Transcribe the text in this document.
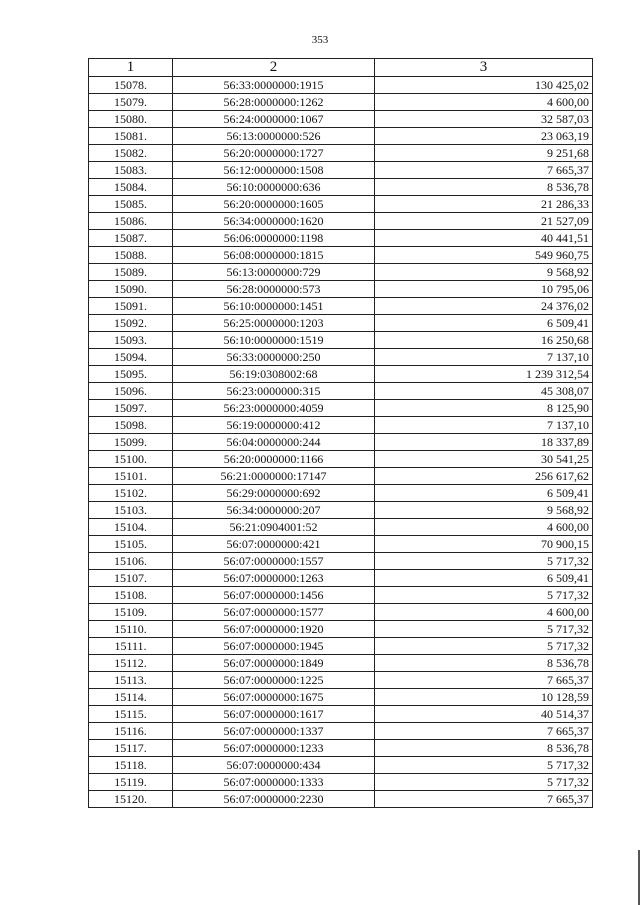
353
1	2	3
15078.	56:33:0000000:1915	130 425,02
15079.	56:28:0000000:1262	4 600,00
15080.	56:24:0000000:1067	32 587,03
15081.	56:13:0000000:526	23 063,19
15082.	56:20:0000000:1727	9 251,68
15083.	56:12:0000000:1508	7 665,37
15084.	56:10:0000000:636	8 536,78
15085.	56:20:0000000:1605	21 286,33
15086.	56:34:0000000:1620	21 527,09
15087.	56:06:0000000:1198	40 441,51
15088.	56:08:0000000:1815	549 960,75
15089.	56:13:0000000:729	9 568,92
15090.	56:28:0000000:573	10 795,06
15091.	56:10:0000000:1451	24 376,02
15092.	56:25:0000000:1203	6 509,41
15093.	56:10:0000000:1519	16 250,68
15094.	56:33:0000000:250	7 137,10
15095.	56:19:0308002:68	1 239 312,54
15096.	56:23:0000000:315	45 308,07
15097.	56:23:0000000:4059	8 125,90
15098.	56:19:0000000:412	7 137,10
15099.	56:04:0000000:244	18 337,89
15100.	56:20:0000000:1166	30 541,25
15101.	56:21:0000000:17147	256 617,62
15102.	56:29:0000000:692	6 509,41
15103.	56:34:0000000:207	9 568,92
15104.	56:21:0904001:52	4 600,00
15105.	56:07:0000000:421	70 900,15
15106.	56:07:0000000:1557	5 717,32
15107.	56:07:0000000:1263	6 509,41
15108.	56:07:0000000:1456	5 717,32
15109.	56:07:0000000:1577	4 600,00
15110.	56:07:0000000:1920	5 717,32
15111.	56:07:0000000:1945	5 717,32
15112.	56:07:0000000:1849	8 536,78
15113.	56:07:0000000:1225	7 665,37
15114.	56:07:0000000:1675	10 128,59
15115.	56:07:0000000:1617	40 514,37
15116.	56:07:0000000:1337	7 665,37
15117.	56:07:0000000:1233	8 536,78
15118.	56:07:0000000:434	5 717,32
15119.	56:07:0000000:1333	5 717,32
15120.	56:07:0000000:2230	7 665,37
